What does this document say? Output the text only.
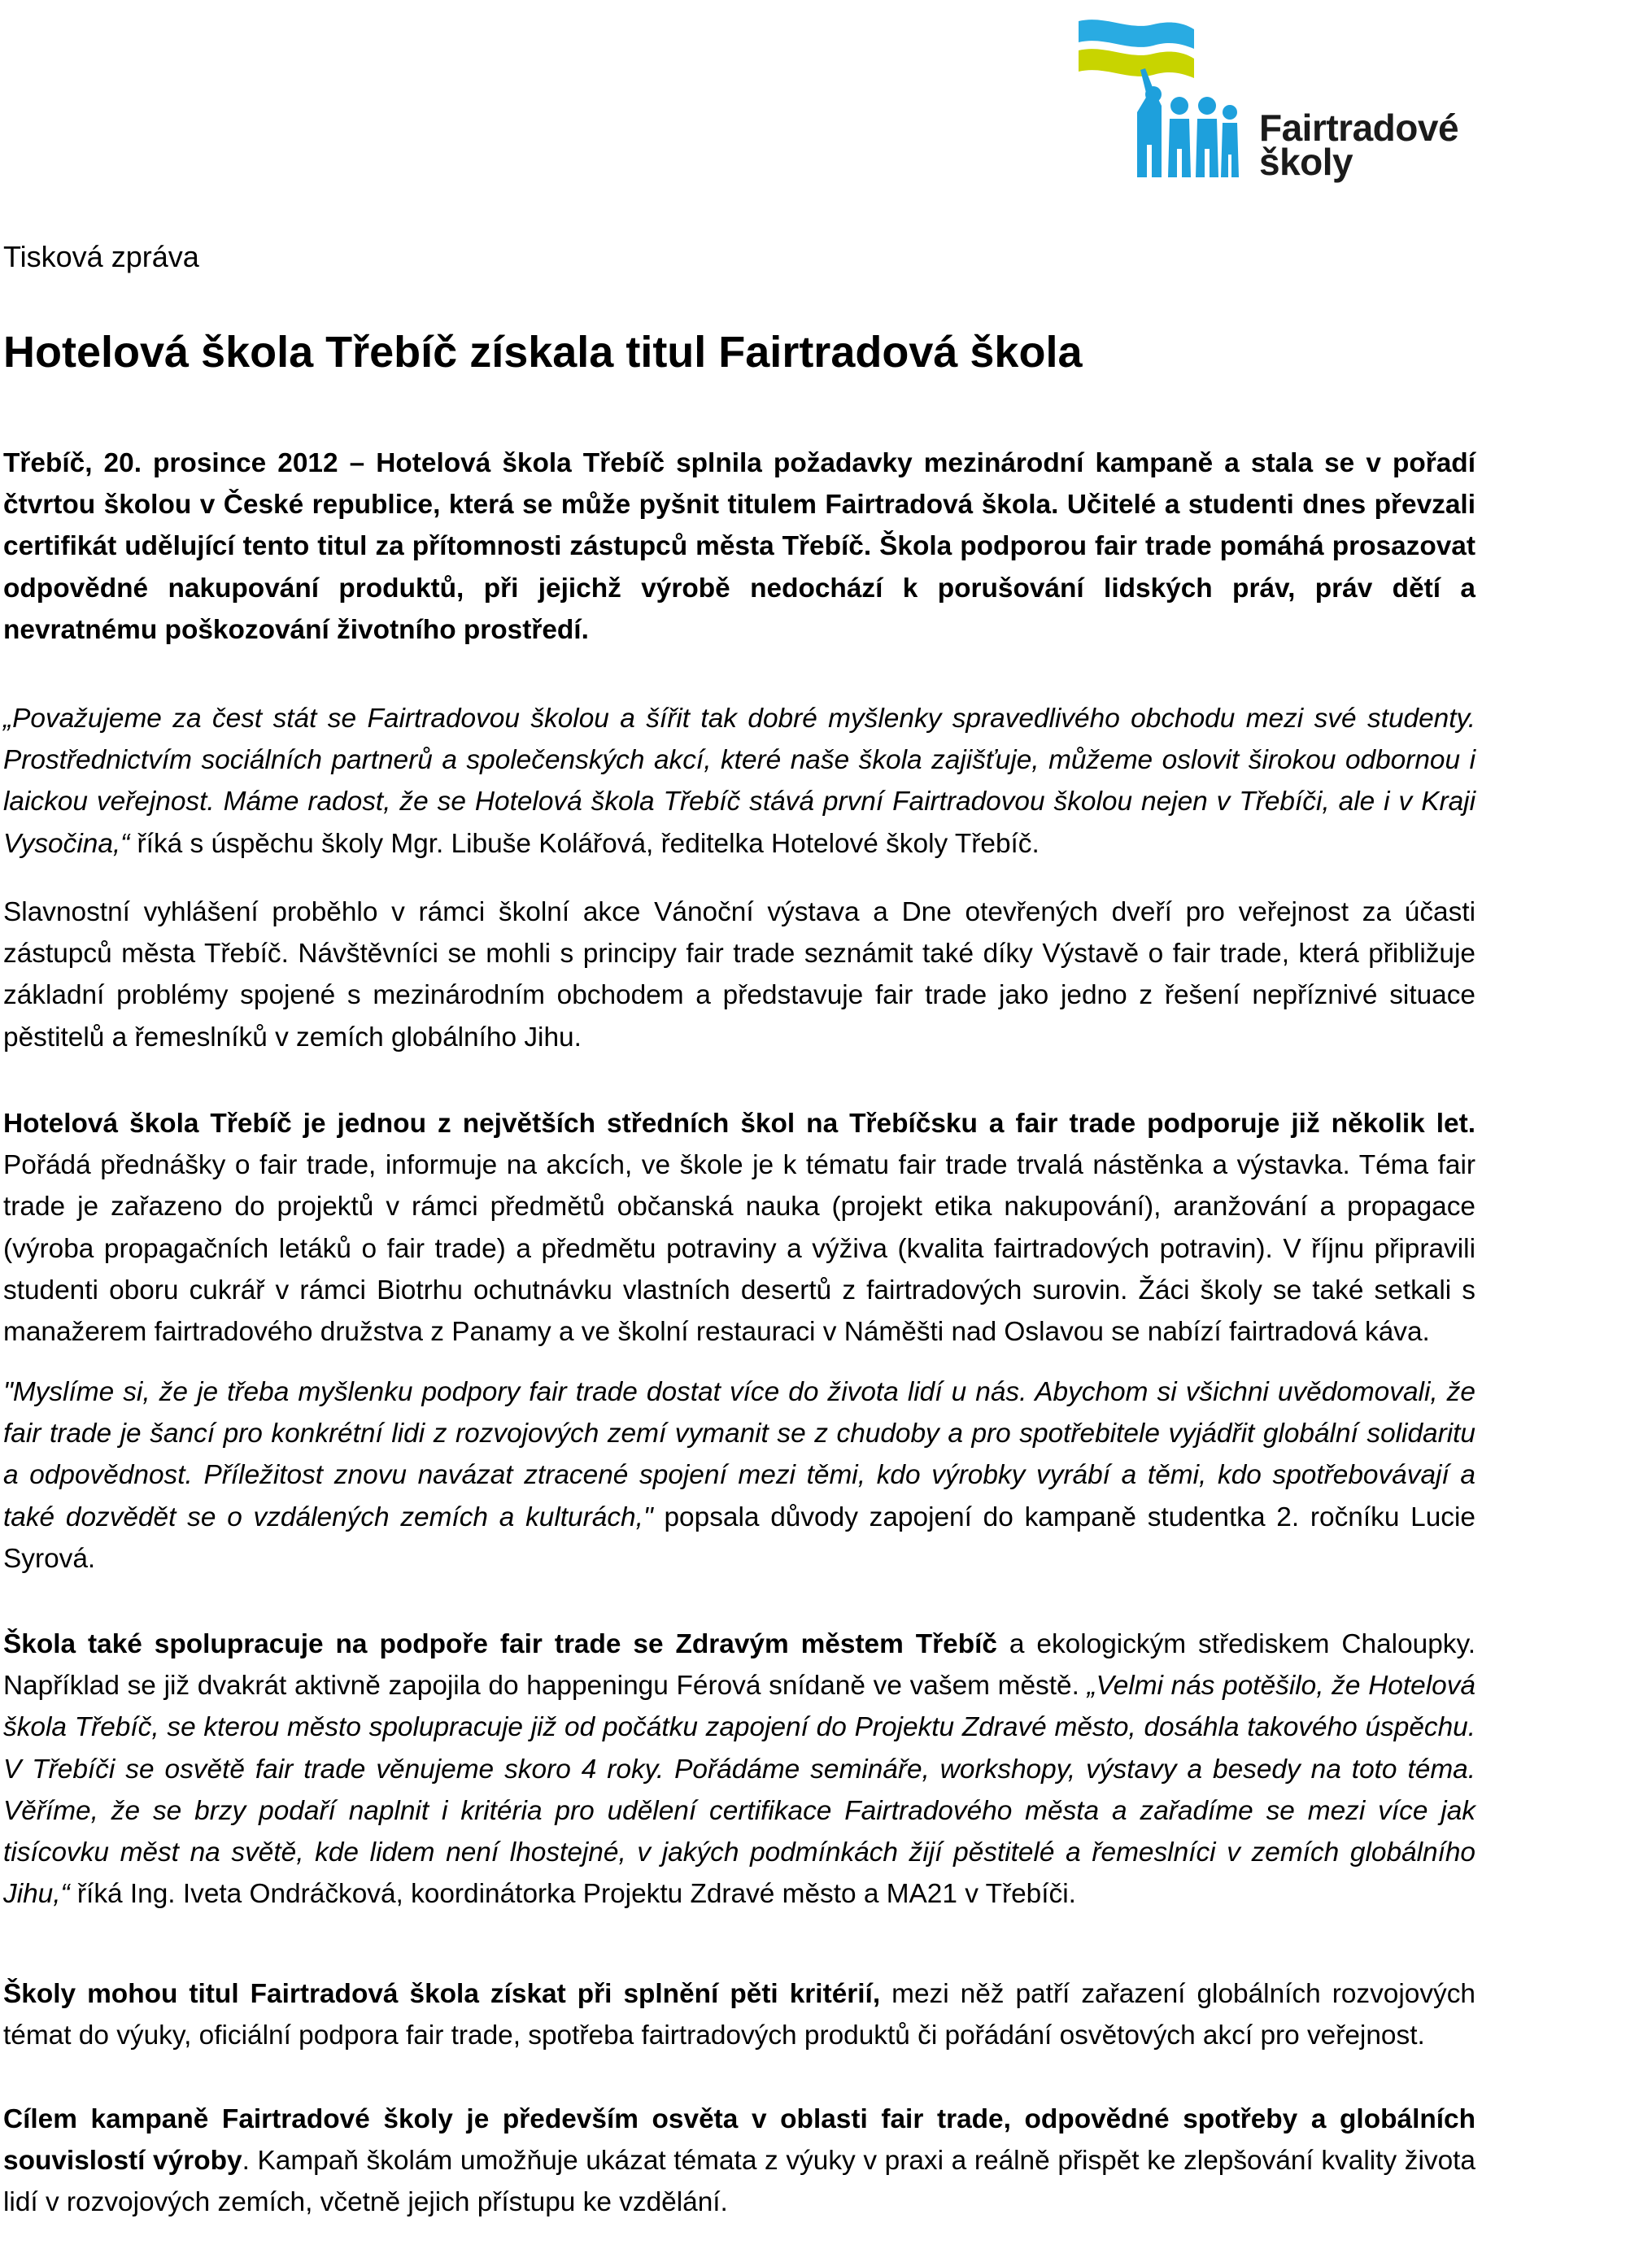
Fairtradové
školy

Tisková zpráva

Hotelová škola Třebíč získala titul Fairtradová škola

Třebíč, 20. prosince 2012 – Hotelová škola Třebíč splnila požadavky mezinárodní kampaně a stala se v pořadí čtvrtou školou v České republice, která se může pyšnit titulem Fairtradová škola. Učitelé a studenti dnes převzali certifikát udělující tento titul za přítomnosti zástupců města Třebíč. Škola podporou fair trade pomáhá prosazovat odpovědné nakupování produktů, při jejichž výrobě nedochází k porušování lidských práv, práv dětí a nevratnému poškozování životního prostředí.

„Považujeme za čest stát se Fairtradovou školou a šířit tak dobré myšlenky spravedlivého obchodu mezi své studenty. Prostřednictvím sociálních partnerů a společenských akcí, které naše škola zajišťuje, můžeme oslovit širokou odbornou i laickou veřejnost. Máme radost, že se Hotelová škola Třebíč stává první Fairtradovou školou nejen v Třebíči, ale i v Kraji Vysočina,“ říká s úspěchu školy Mgr. Libuše Kolářová, ředitelka Hotelové školy Třebíč.

Slavnostní vyhlášení proběhlo v rámci školní akce Vánoční výstava a Dne otevřených dveří pro veřejnost za účasti zástupců města Třebíč. Návštěvníci se mohli s principy fair trade seznámit také díky Výstavě o fair trade, která přibližuje základní problémy spojené s mezinárodním obchodem a představuje fair trade jako jedno z řešení nepříznivé situace pěstitelů a řemeslníků v zemích globálního Jihu.

Hotelová škola Třebíč je jednou z největších středních škol na Třebíčsku a fair trade podporuje již několik let. Pořádá přednášky o fair trade, informuje na akcích, ve škole je k tématu fair trade trvalá nástěnka a výstavka. Téma fair trade je zařazeno do projektů v rámci předmětů občanská nauka (projekt etika nakupování), aranžování a propagace (výroba propagačních letáků o fair trade) a předmětu potraviny a výživa (kvalita fairtradových potravin). V říjnu připravili studenti oboru cukrář v rámci Biotrhu ochutnávku vlastních desertů z fairtradových surovin. Žáci školy se také setkali s manažerem fairtradového družstva z Panamy a ve školní restauraci v Náměšti nad Oslavou se nabízí fairtradová káva.

"Myslíme si, že je třeba myšlenku podpory fair trade dostat více do života lidí u nás. Abychom si všichni uvědomovali, že fair trade je šancí pro konkrétní lidi z rozvojových zemí vymanit se z chudoby a pro spotřebitele vyjádřit globální solidaritu a odpovědnost. Příležitost znovu navázat ztracené spojení mezi těmi, kdo výrobky vyrábí a těmi, kdo spotřebovávají a také dozvědět se o vzdálených zemích a kulturách," popsala důvody zapojení do kampaně studentka 2. ročníku Lucie Syrová.

Škola také spolupracuje na podpoře fair trade se Zdravým městem Třebíč a ekologickým střediskem Chaloupky. Například se již dvakrát aktivně zapojila do happeningu Férová snídaně ve vašem městě. „Velmi nás potěšilo, že Hotelová škola Třebíč, se kterou město spolupracuje již od počátku zapojení do Projektu Zdravé město, dosáhla takového úspěchu. V Třebíči se osvětě fair trade věnujeme skoro 4 roky. Pořádáme semináře, workshopy, výstavy a besedy na toto téma. Věříme, že se brzy podaří naplnit i kritéria pro udělení certifikace Fairtradového města a zařadíme se mezi více jak tisícovku měst na světě, kde lidem není lhostejné, v jakých podmínkách žijí pěstitelé a řemeslníci v zemích globálního Jihu,“ říká Ing. Iveta Ondráčková, koordinátorka Projektu Zdravé město a MA21 v Třebíči.

Školy mohou titul Fairtradová škola získat při splnění pěti kritérií, mezi něž patří zařazení globálních rozvojových témat do výuky, oficiální podpora fair trade, spotřeba fairtradových produktů či pořádání osvětových akcí pro veřejnost.

Cílem kampaně Fairtradové školy je především osvěta v oblasti fair trade, odpovědné spotřeby a globálních souvislostí výroby. Kampaň školám umožňuje ukázat témata z výuky v praxi a reálně přispět ke zlepšování kvality života lidí v rozvojových zemích, včetně jejich přístupu ke vzdělání.
